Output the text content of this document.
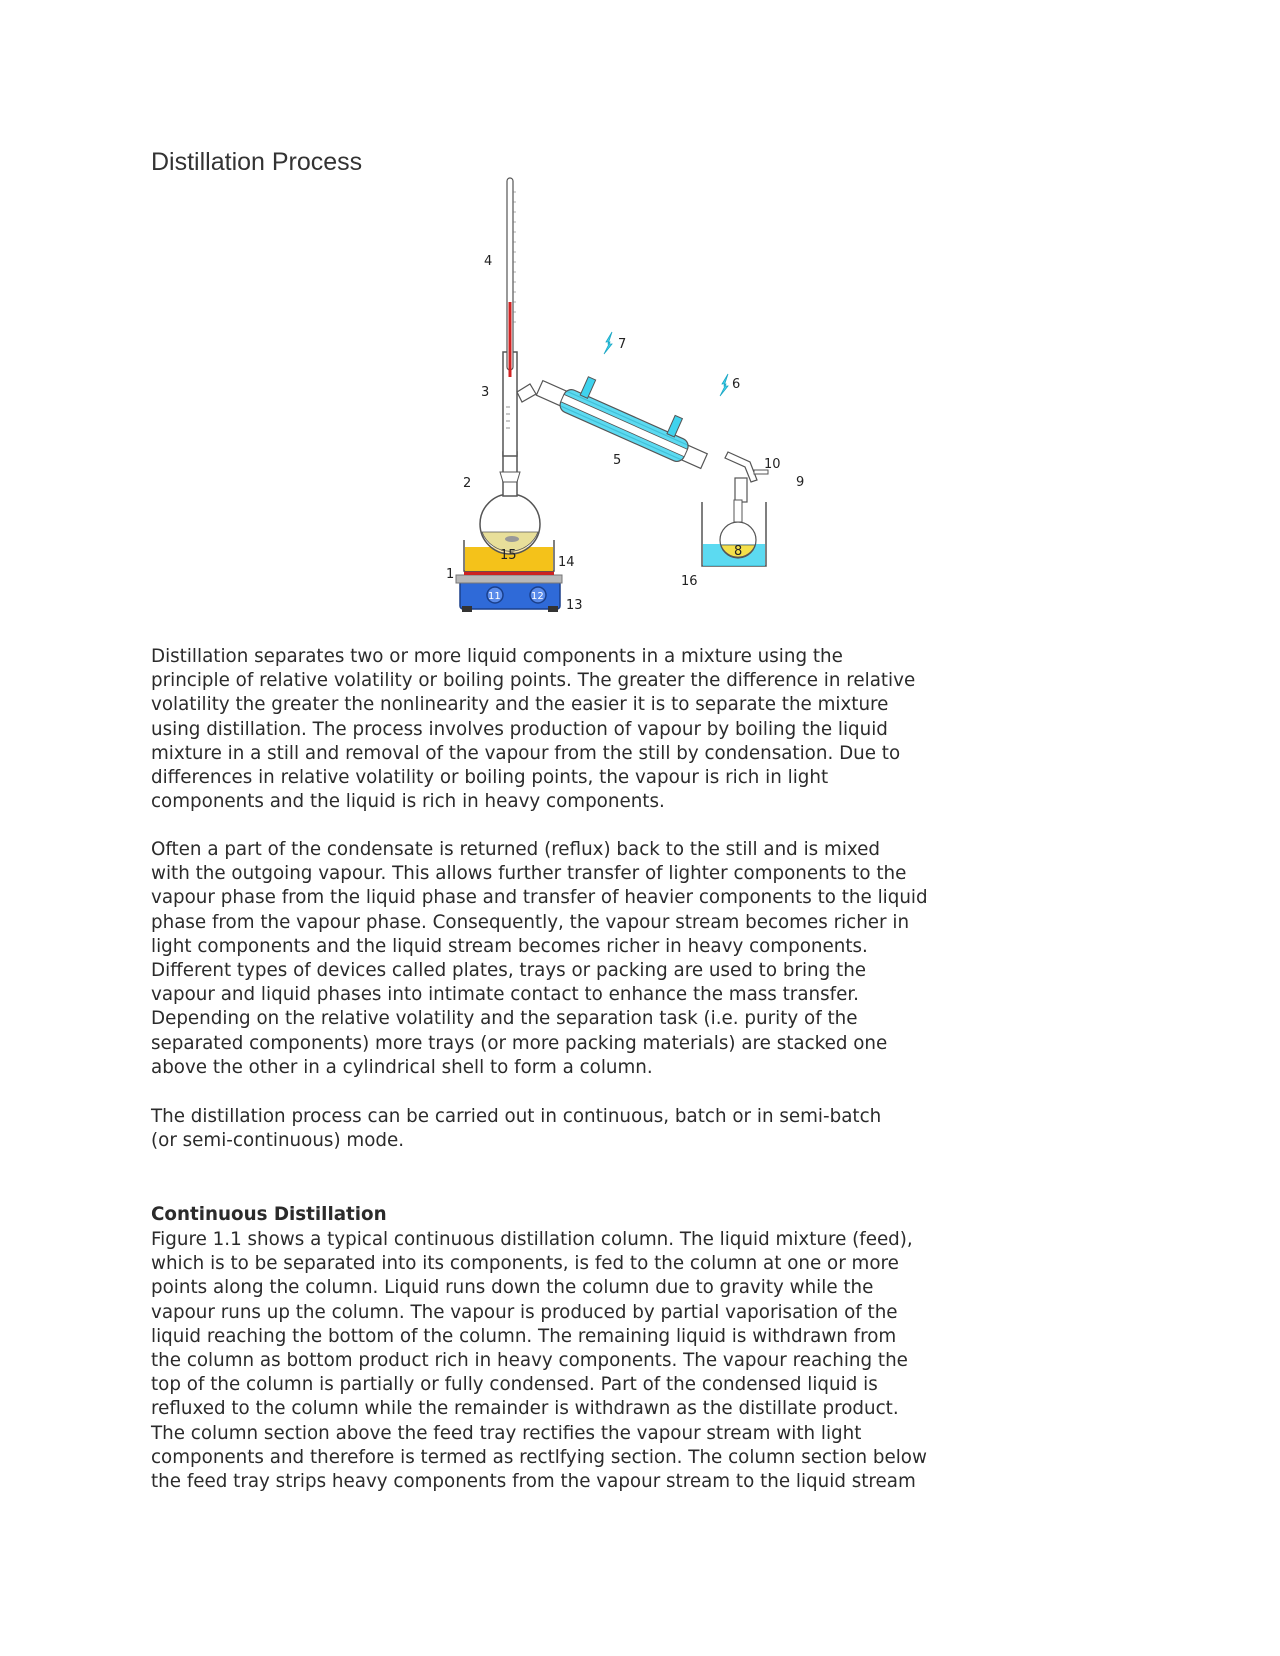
Distillation Process
4
3
2
1
7
6
5	10
9
8
16
15	14
13
11	12
Distillation separates two or more liquid components in a mixture using the
principle of relative volatility or boiling points. The greater the difference in relative
volatility the greater the nonlinearity and the easier it is to separate the mixture
using distillation. The process involves production of vapour by boiling the liquid
mixture in a still and removal of the vapour from the still by condensation. Due to
differences in relative volatility or boiling points, the vapour is rich in light
components and the liquid is rich in heavy components.
Often a part of the condensate is returned (reflux) back to the still and is mixed
with the outgoing vapour. This allows further transfer of lighter components to the
vapour phase from the liquid phase and transfer of heavier components to the liquid
phase from the vapour phase. Consequently, the vapour stream becomes richer in
light components and the liquid stream becomes richer in heavy components.
Different types of devices called plates, trays or packing are used to bring the
vapour and liquid phases into intimate contact to enhance the mass transfer.
Depending on the relative volatility and the separation task (i.e. purity of the
separated components) more trays (or more packing materials) are stacked one
above the other in a cylindrical shell to form a column.
The distillation process can be carried out in continuous, batch or in semi-batch
(or semi-continuous) mode.
Continuous Distillation
Figure 1.1 shows a typical continuous distillation column. The liquid mixture (feed),
which is to be separated into its components, is fed to the column at one or more
points along the column. Liquid runs down the column due to gravity while the
vapour runs up the column. The vapour is produced by partial vaporisation of the
liquid reaching the bottom of the column. The remaining liquid is withdrawn from
the column as bottom product rich in heavy components. The vapour reaching the
top of the column is partially or fully condensed. Part of the condensed liquid is
refluxed to the column while the remainder is withdrawn as the distillate product.
The column section above the feed tray rectifies the vapour stream with light
components and therefore is termed as rectlfying section. The column section below
the feed tray strips heavy components from the vapour stream to the liquid stream
